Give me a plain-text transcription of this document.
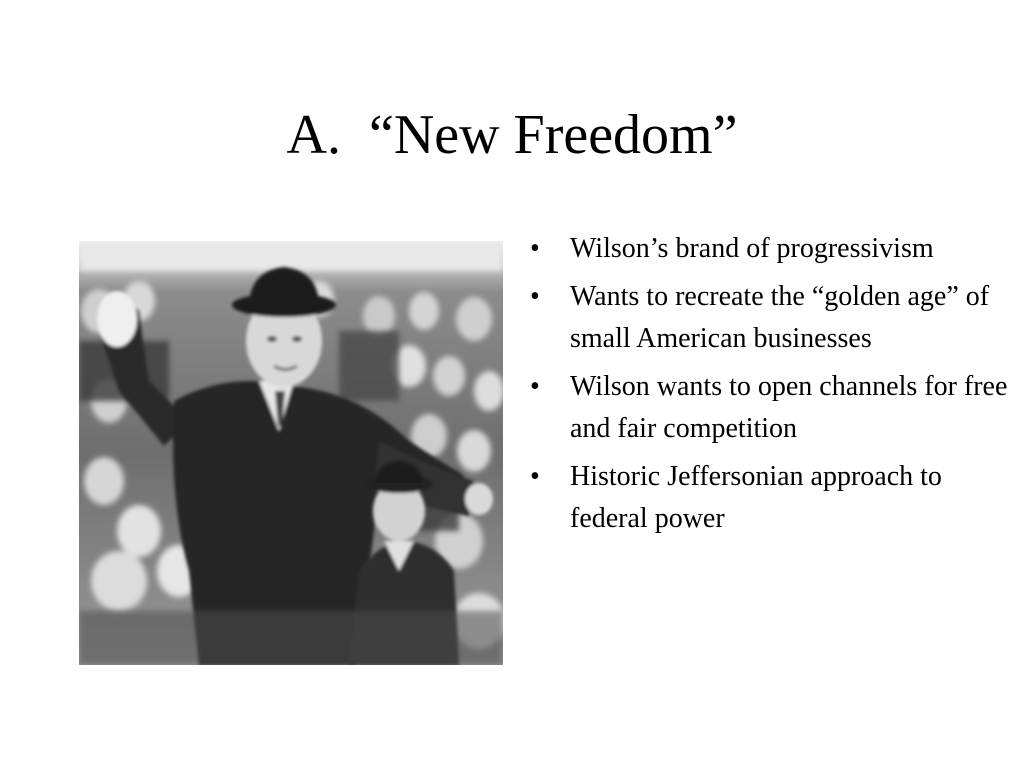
A.  “New Freedom”
• Wilson’s brand of progressivism
• Wants to recreate the “golden age” of small American businesses
• Wilson wants to open channels for free and fair competition
• Historic Jeffersonian approach to federal power
